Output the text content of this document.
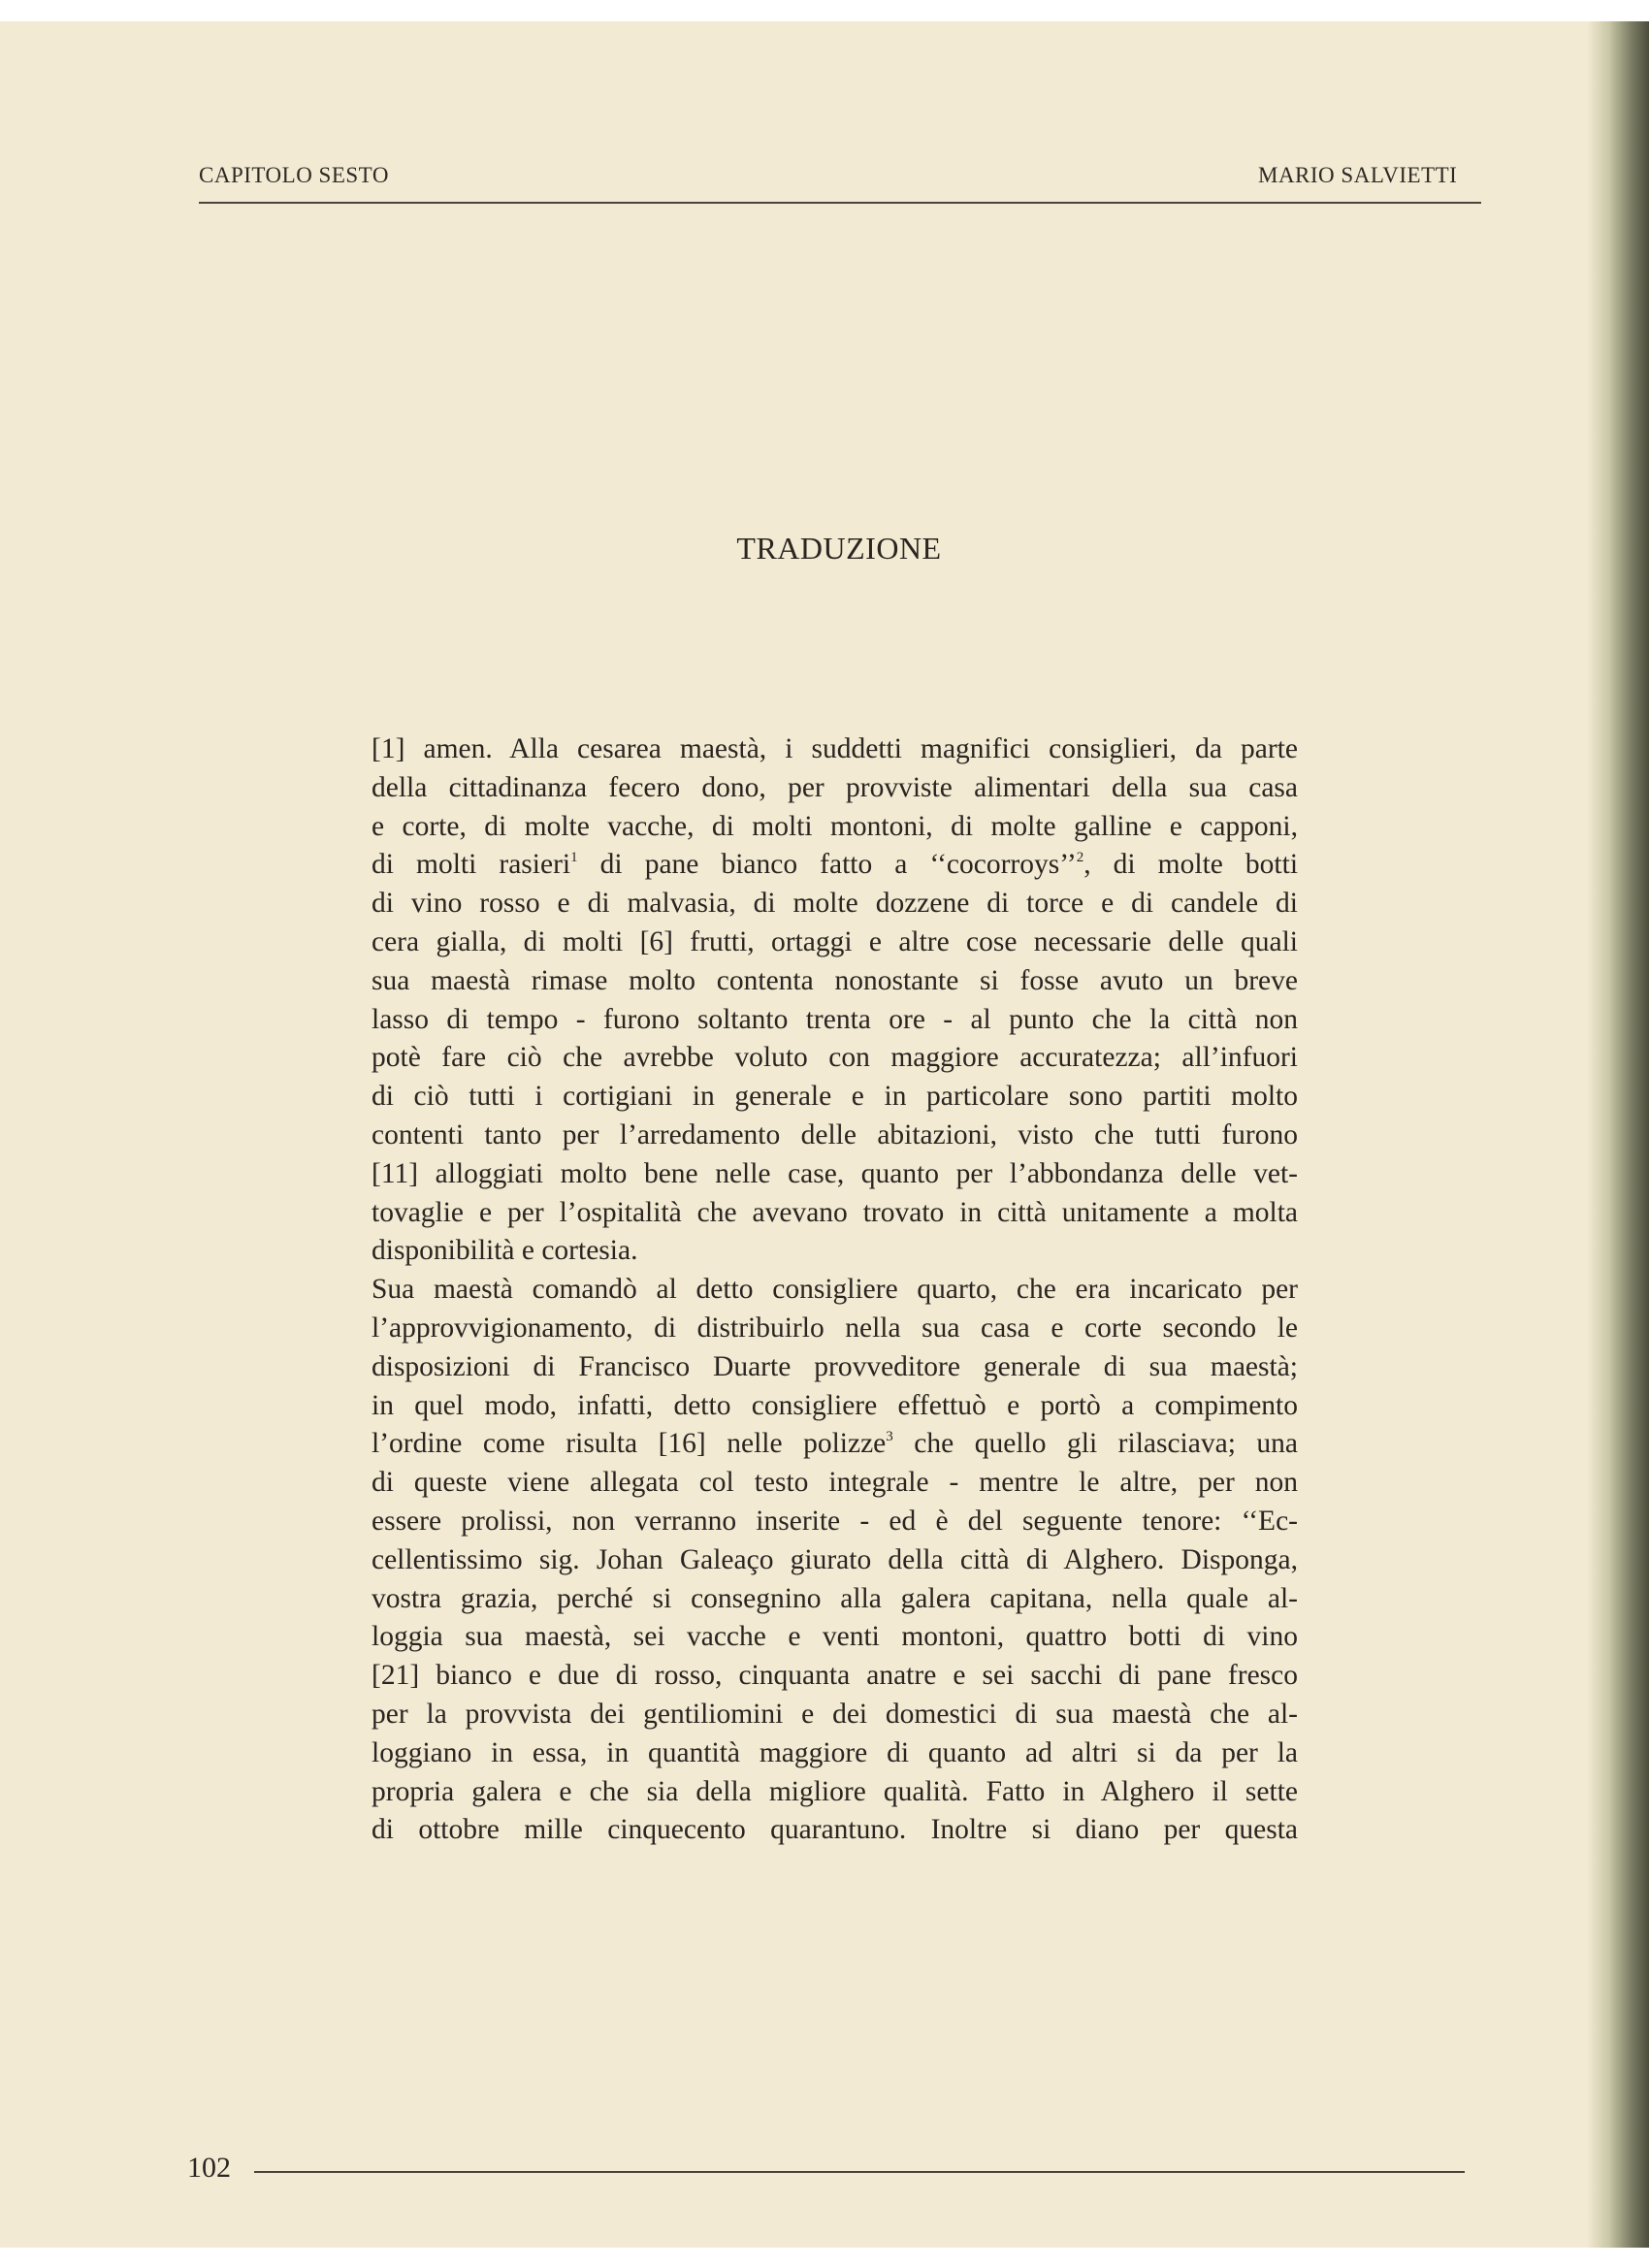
CAPITOLO SESTO	MARIO SALVIETTI
TRADUZIONE
[1] amen. Alla cesarea maestà, i suddetti magnifici consiglieri, da parte
della cittadinanza fecero dono, per provviste alimentari della sua casa
e corte, di molte vacche, di molti montoni, di molte galline e capponi,
di molti rasieri$^1$ di pane bianco fatto a ‘‘cocorroys’’$^2$, di molte botti
di vino rosso e di malvasia, di molte dozzene di torce e di candele di
cera gialla, di molti [6] frutti, ortaggi e altre cose necessarie delle quali
sua maestà rimase molto contenta nonostante si fosse avuto un breve
lasso di tempo - furono soltanto trenta ore - al punto che la città non
potè fare ciò che avrebbe voluto con maggiore accuratezza; all’infuori
di ciò tutti i cortigiani in generale e in particolare sono partiti molto
contenti tanto per l’arredamento delle abitazioni, visto che tutti furono
[11] alloggiati molto bene nelle case, quanto per l’abbondanza delle vet-
tovaglie e per l’ospitalità che avevano trovato in città unitamente a molta
disponibilità e cortesia.
Sua maestà comandò al detto consigliere quarto, che era incaricato per
l’approvvigionamento, di distribuirlo nella sua casa e corte secondo le
disposizioni di Francisco Duarte provveditore generale di sua maestà;
in quel modo, infatti, detto consigliere effettuò e portò a compimento
l’ordine come risulta [16] nelle polizze$^3$ che quello gli rilasciava; una
di queste viene allegata col testo integrale - mentre le altre, per non
essere prolissi, non verranno inserite - ed è del seguente tenore: ‘‘Ec-
cellentissimo sig. Johan Galeaço giurato della città di Alghero. Disponga,
vostra grazia, perché si consegnino alla galera capitana, nella quale al-
loggia sua maestà, sei vacche e venti montoni, quattro botti di vino
[21] bianco e due di rosso, cinquanta anatre e sei sacchi di pane fresco
per la provvista dei gentiliomini e dei domestici di sua maestà che al-
loggiano in essa, in quantità maggiore di quanto ad altri si da per la
propria galera e che sia della migliore qualità. Fatto in Alghero il sette
di ottobre mille cinquecento quarantuno. Inoltre si diano per questa
102
